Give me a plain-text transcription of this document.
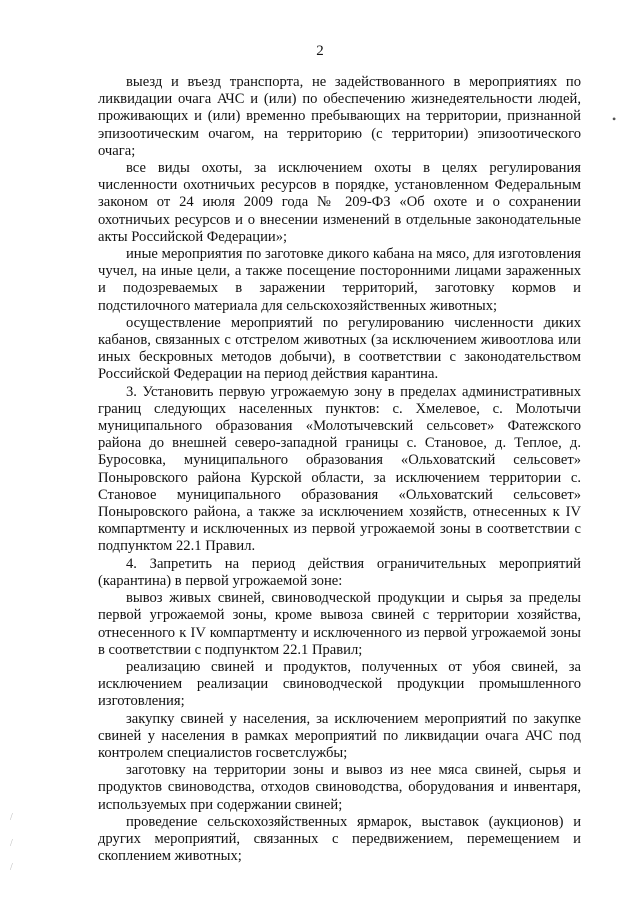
2

выезд и въезд транспорта, не задействованного в мероприятиях по ликвидации очага АЧС и (или) по обеспечению жизнедеятельности людей, проживающих и (или) временно пребывающих на территории, признанной эпизоотическим очагом, на территорию (с территории) эпизоотического очага;

все виды охоты, за исключением охоты в целях регулирования численности охотничьих ресурсов в порядке, установленном Федеральным законом от 24 июля 2009 года № 209-ФЗ «Об охоте и о сохранении охотничьих ресурсов и о внесении изменений в отдельные законодательные акты Российской Федерации»;

иные мероприятия по заготовке дикого кабана на мясо, для изготовления чучел, на иные цели, а также посещение посторонними лицами зараженных и подозреваемых в заражении территорий, заготовку кормов и подстилочного материала для сельскохозяйственных животных;

осуществление мероприятий по регулированию численности диких кабанов, связанных с отстрелом животных (за исключением живоотлова или иных бескровных методов добычи), в соответствии с законодательством Российской Федерации на период действия карантина.

3. Установить первую угрожаемую зону в пределах административных границ следующих населенных пунктов: с. Хмелевое, с. Молотычи муниципального образования «Молотычевский сельсовет» Фатежского района до внешней северо-западной границы с. Становое, д. Теплое, д. Буросовка, муниципального образования «Ольховатский сельсовет» Поныровского района Курской области, за исключением территории с. Становое муниципального образования «Ольховатский сельсовет» Поныровского района, а также за исключением хозяйств, отнесенных к IV компартменту и исключенных из первой угрожаемой зоны в соответствии с подпунктом 22.1 Правил.

4. Запретить на период действия ограничительных мероприятий (карантина) в первой угрожаемой зоне:

вывоз живых свиней, свиноводческой продукции и сырья за пределы первой угрожаемой зоны, кроме вывоза свиней с территории хозяйства, отнесенного к IV компартменту и исключенного из первой угрожаемой зоны в соответствии с подпунктом 22.1 Правил;

реализацию свиней и продуктов, полученных от убоя свиней, за исключением реализации свиноводческой продукции промышленного изготовления;

закупку свиней у населения, за исключением мероприятий по закупке свиней у населения в рамках мероприятий по ликвидации очага АЧС под контролем специалистов госветслужбы;

заготовку на территории зоны и вывоз из нее мяса свиней, сырья и продуктов свиноводства, отходов свиноводства, оборудования и инвентаря, используемых при содержании свиней;

проведение сельскохозяйственных ярмарок, выставок (аукционов) и других мероприятий, связанных с передвижением, перемещением и скоплением животных;

•
/
/
/
